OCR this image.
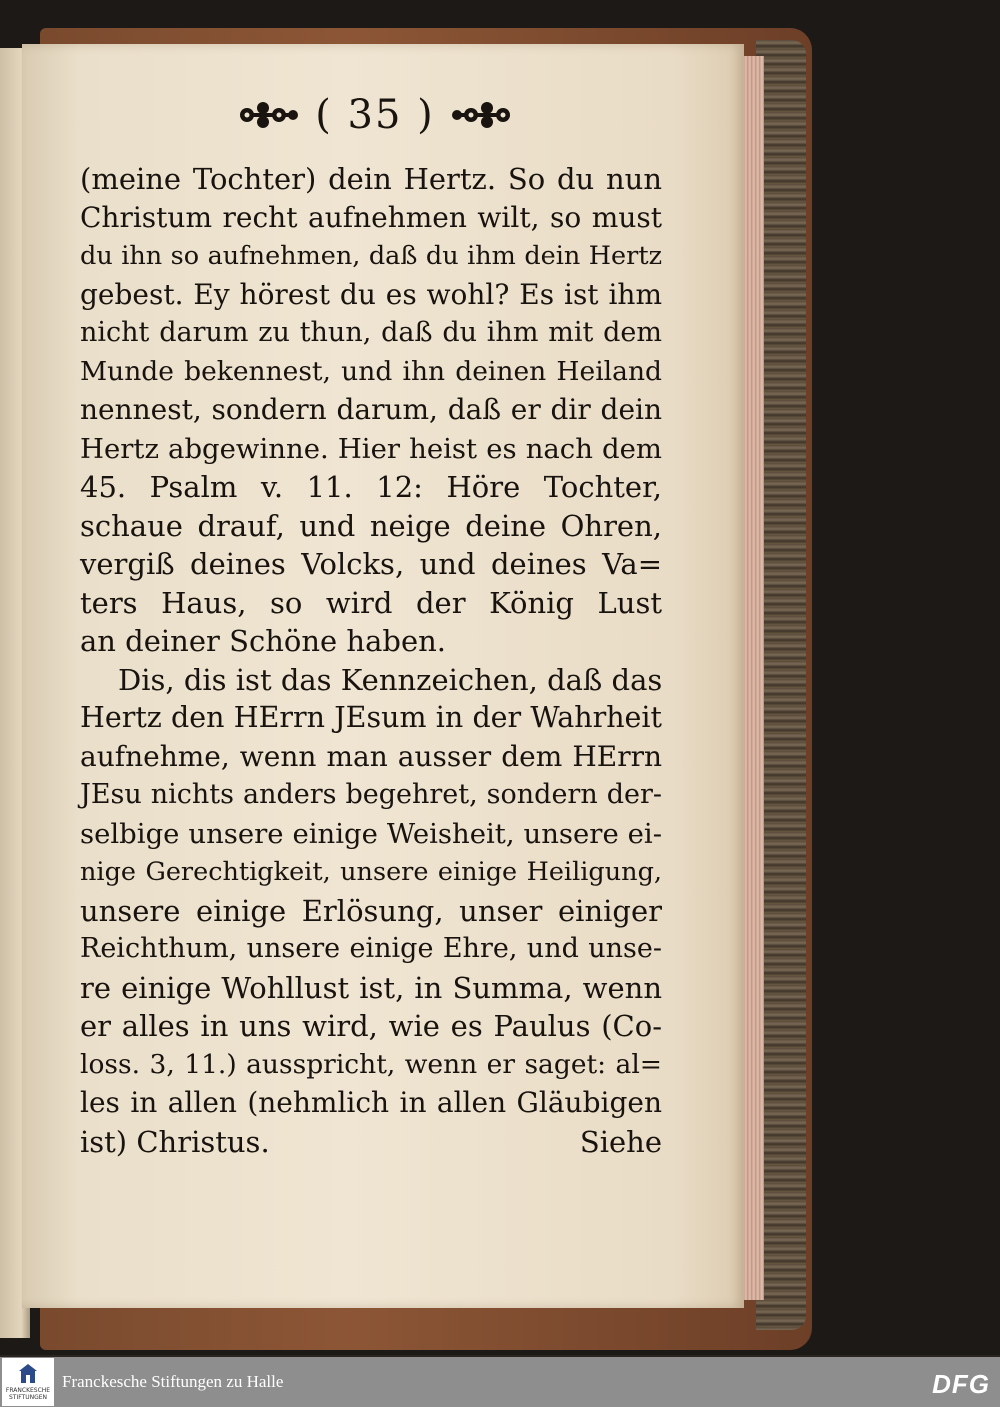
( 35 )
(meine Tochter) dein Hertz. So du nun
Christum recht aufnehmen wilt, so must
du ihn so aufnehmen, daß du ihm dein Hertz
gebest. Ey hörest du es wohl? Es ist ihm
nicht darum zu thun, daß du ihm mit dem
Munde bekennest, und ihn deinen Heiland
nennest, sondern darum, daß er dir dein
Hertz abgewinne. Hier heist es nach dem
45. Psalm v. 11. 12: Höre Tochter,
schaue drauf, und neige deine Ohren,
vergiß deines Volcks, und deines Va=
ters Haus, so wird der König Lust
an deiner Schöne haben.
Dis, dis ist das Kennzeichen, daß das
Hertz den HErrn JEsum in der Wahrheit
aufnehme, wenn man ausser dem HErrn
JEsu nichts anders begehret, sondern der-
selbige unsere einige Weisheit, unsere ei-
nige Gerechtigkeit, unsere einige Heiligung,
unsere einige Erlösung, unser einiger
Reichthum, unsere einige Ehre, und unse-
re einige Wohllust ist, in Summa, wenn
er alles in uns wird, wie es Paulus (Co-
loss. 3, 11.) ausspricht, wenn er saget: al=
les in allen (nehmlich in allen Gläubigen
ist) Christus.	Siehe
FRANCKESCHE STIFTUNGEN
Franckesche Stiftungen zu Halle	DFG
